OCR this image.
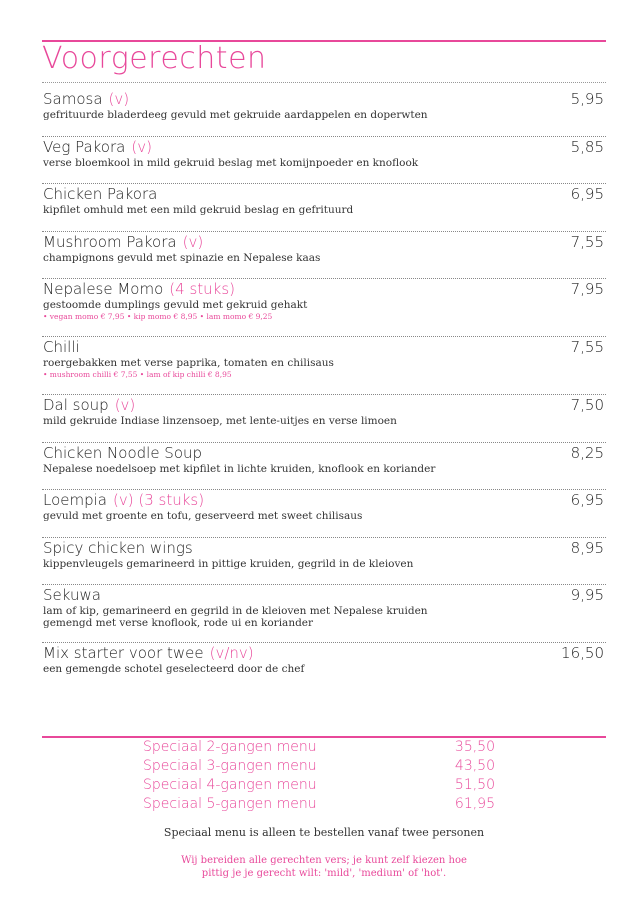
Voorgerechten
Samosa (v)	5,95
gefrituurde bladerdeeg gevuld met gekruide aardappelen en doperwten
Veg Pakora (v)	5,85
verse bloemkool in mild gekruid beslag met komijnpoeder en knoflook
Chicken Pakora	6,95
kipfilet omhuld met een mild gekruid beslag en gefrituurd
Mushroom Pakora (v)	7,55
champignons gevuld met spinazie en Nepalese kaas
Nepalese Momo (4 stuks)	7,95
gestoomde dumplings gevuld met gekruid gehakt
• vegan momo € 7,95 • kip momo € 8,95 • lam momo € 9,25
Chilli	7,55
roergebakken met verse paprika, tomaten en chilisaus
• mushroom chilli € 7,55 • lam of kip chilli € 8,95
Dal soup (v)	7,50
mild gekruide Indiase linzensoep, met lente-uitjes en verse limoen
Chicken Noodle Soup	8,25
Nepalese noedelsoep met kipfilet in lichte kruiden, knoflook en koriander
Loempia (v) (3 stuks)	6,95
gevuld met groente en tofu, geserveerd met sweet chilisaus
Spicy chicken wings	8,95
kippenvleugels gemarineerd in pittige kruiden, gegrild in de kleioven
Sekuwa	9,95
lam of kip, gemarineerd en gegrild in de kleioven met Nepalese kruiden
gemengd met verse knoflook, rode ui en koriander
Mix starter voor twee (v/nv)	16,50
een gemengde schotel geselecteerd door de chef
Speciaal 2-gangen menu	35,50
Speciaal 3-gangen menu	43,50
Speciaal 4-gangen menu	51,50
Speciaal 5-gangen menu	61,95
Speciaal menu is alleen te bestellen vanaf twee personen
Wij bereiden alle gerechten vers; je kunt zelf kiezen hoe
pittig je je gerecht wilt: 'mild', 'medium' of 'hot'.
